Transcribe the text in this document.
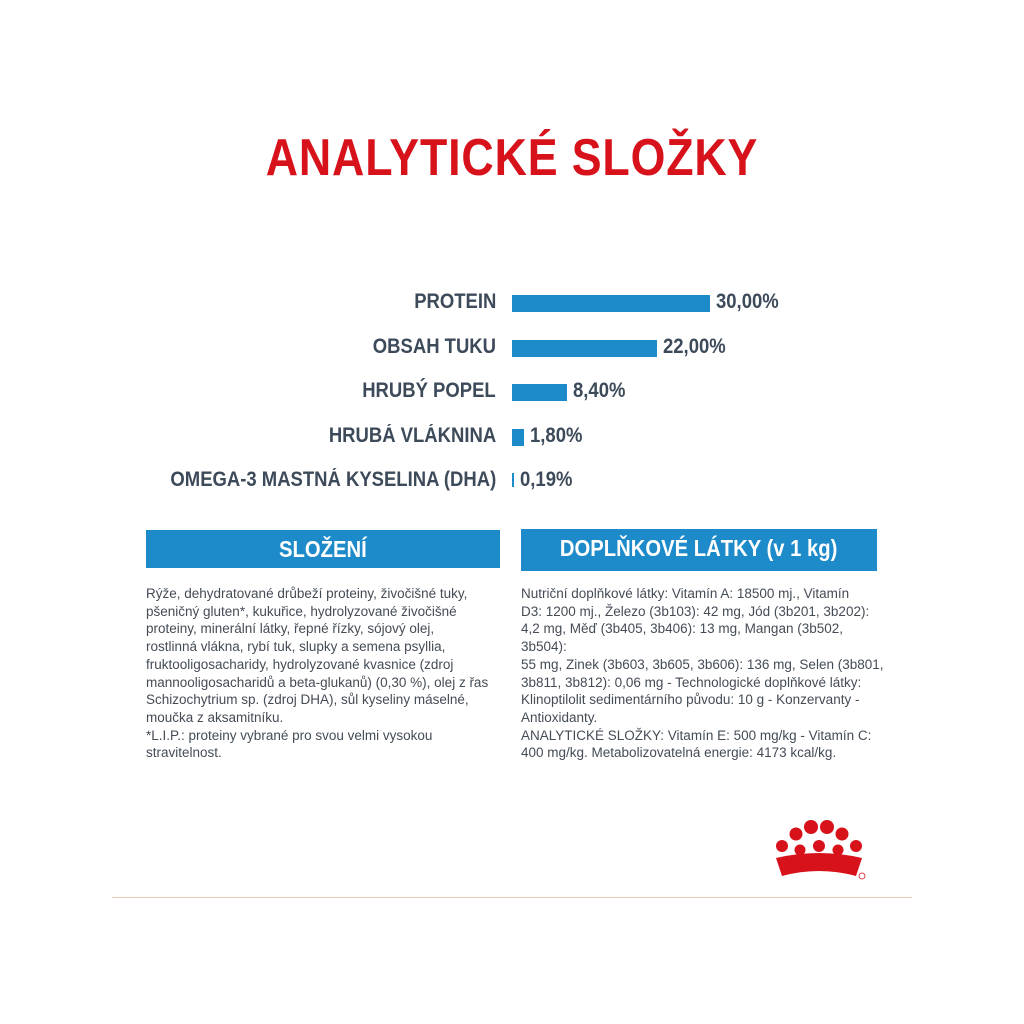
ANALYTICKÉ SLOŽKY
PROTEIN	30,00%
OBSAH TUKU	22,00%
HRUBÝ POPEL	8,40%
HRUBÁ VLÁKNINA 1,80%
OMEGA-3 MASTNÁ KYSELINA (DHA) 0,19%
SLOŽENÍ

Rýže, dehydratované drůbeží proteiny, živočišné tuky,

pšeničný gluten*, kukuřice, hydrolyzované živočišné

proteiny, minerální látky, řepné řízky, sójový olej,

rostlinná vlákna, rybí tuk, slupky a semena psyllia,

fruktooligosacharidy, hydrolyzované kvasnice (zdroj

mannooligosacharidů a beta-glukanů) (0,30 %), olej z řas

Schizochytrium sp. (zdroj DHA), sůl kyseliny máselné,

moučka z aksamitníku.

*L.I.P.: proteiny vybrané pro svou velmi vysokou

stravitelnost.

DOPLŇKOVÉ LÁTKY (v 1 kg)

Nutriční doplňkové látky: Vitamín A: 18500 mj., Vitamín

D3: 1200 mj., Železo (3b103): 42 mg, Jód (3b201, 3b202):

4,2 mg, Měď (3b405, 3b406): 13 mg, Mangan (3b502, 3b504):

55 mg, Zinek (3b603, 3b605, 3b606): 136 mg, Selen (3b801,

3b811, 3b812): 0,06 mg - Technologické doplňkové látky:

Klinoptilolit sedimentárního původu: 10 g - Konzervanty -

Antioxidanty.

ANALYTICKÉ SLOŽKY: Vitamín E: 500 mg/kg - Vitamín C:

400 mg/kg. Metabolizovatelná energie: 4173 kcal/kg.
